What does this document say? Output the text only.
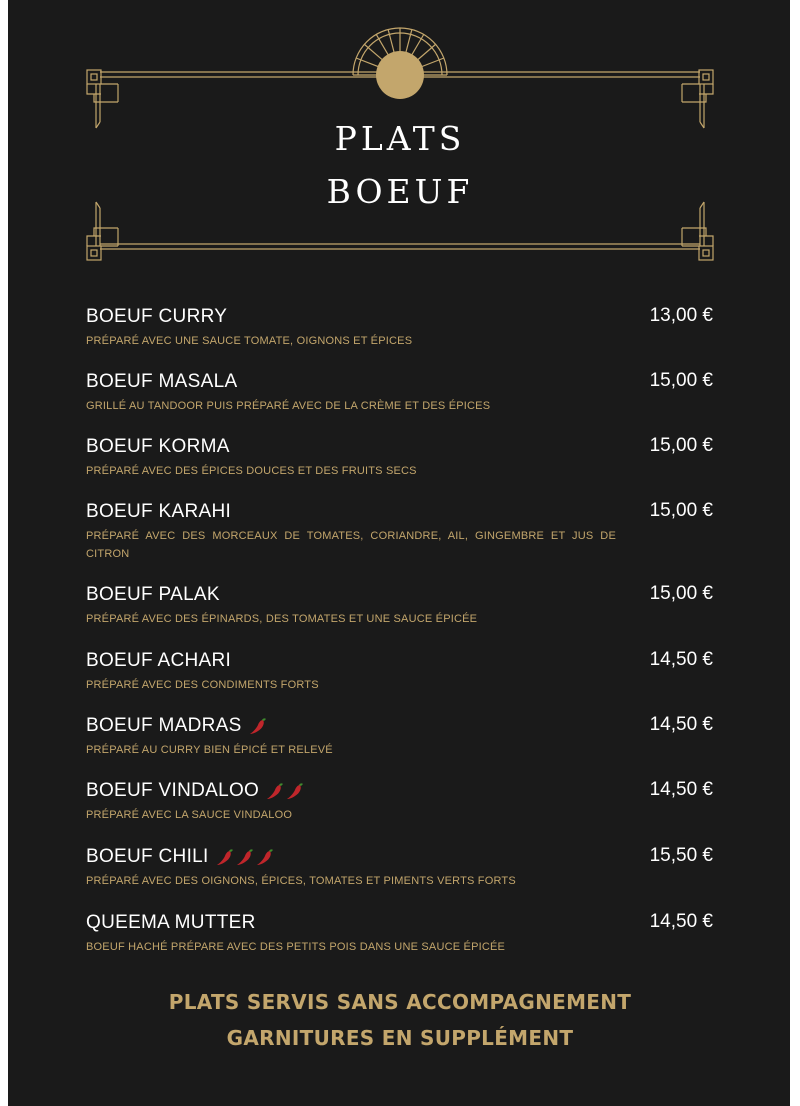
PLATS
BOEUF
BOEUF CURRY
PRÉPARÉ AVEC UNE SAUCE TOMATE, OIGNONS ET ÉPICES
13,00 €
BOEUF MASALA
GRILLÉ AU TANDOOR PUIS PRÉPARÉ AVEC DE LA CRÈME ET DES ÉPICES
15,00 €
BOEUF KORMA
PRÉPARÉ AVEC DES ÉPICES DOUCES ET DES FRUITS SECS
15,00 €
BOEUF KARAHI
PRÉPARÉ AVEC DES MORCEAUX DE TOMATES, CORIANDRE, AIL, GINGEMBRE ET JUS DE CITRON
15,00 €
BOEUF PALAK
PRÉPARÉ AVEC DES ÉPINARDS, DES TOMATES ET UNE SAUCE ÉPICÉE
15,00 €
BOEUF ACHARI
PRÉPARÉ AVEC DES CONDIMENTS FORTS
14,50 €
BOEUF MADRAS
PRÉPARÉ AU CURRY BIEN ÉPICÉ ET RELEVÉ
14,50 €
BOEUF VINDALOO
PRÉPARÉ AVEC LA SAUCE VINDALOO
14,50 €
BOEUF CHILI
PRÉPARÉ AVEC DES OIGNONS, ÉPICES, TOMATES ET PIMENTS VERTS FORTS
15,50 €
QUEEMA MUTTER
BOEUF HACHÉ PRÉPARE AVEC DES PETITS POIS DANS UNE SAUCE ÉPICÉE
14,50 €
PLATS SERVIS SANS ACCOMPAGNEMENT
GARNITURES EN SUPPLÉMENT
